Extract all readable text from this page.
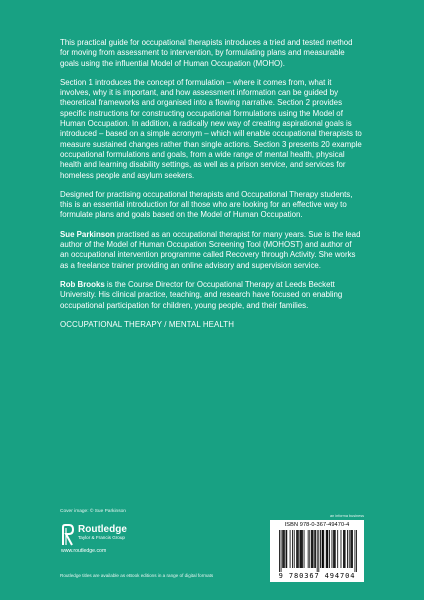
This practical guide for occupational therapists introduces a tried and tested method for moving from assessment to intervention, by formulating plans and measurable goals using the influential Model of Human Occupation (MOHO).

Section 1 introduces the concept of formulation – where it comes from, what it involves, why it is important, and how assessment information can be guided by theoretical frameworks and organised into a flowing narrative. Section 2 provides specific instructions for constructing occupational formulations using the Model of Human Occupation. In addition, a radically new way of creating aspirational goals is introduced – based on a simple acronym – which will enable occupational therapists to measure sustained changes rather than single actions. Section 3 presents 20 example occupational formulations and goals, from a wide range of mental health, physical health and learning disability settings, as well as a prison service, and services for homeless people and asylum seekers.

Designed for practising occupational therapists and Occupational Therapy students, this is an essential introduction for all those who are looking for an effective way to formulate plans and goals based on the Model of Human Occupation.

Sue Parkinson practised as an occupational therapist for many years. Sue is the lead author of the Model of Human Occupation Screening Tool (MOHOST) and author of an occupational intervention programme called Recovery through Activity. She works as a freelance trainer providing an online advisory and supervision service.

Rob Brooks is the Course Director for Occupational Therapy at Leeds Beckett University. His clinical practice, teaching, and research have focused on enabling occupational participation for children, young people, and their families.

OCCUPATIONAL THERAPY / MENTAL HEALTH

Cover image: © Sue Parkinson
Routledge
Taylor & Francis Group
www.routledge.com
Routledge titles are available as eBook editions in a range of digital formats
an informa business
ISBN 978-0-367-49470-4
9 780367 494704
